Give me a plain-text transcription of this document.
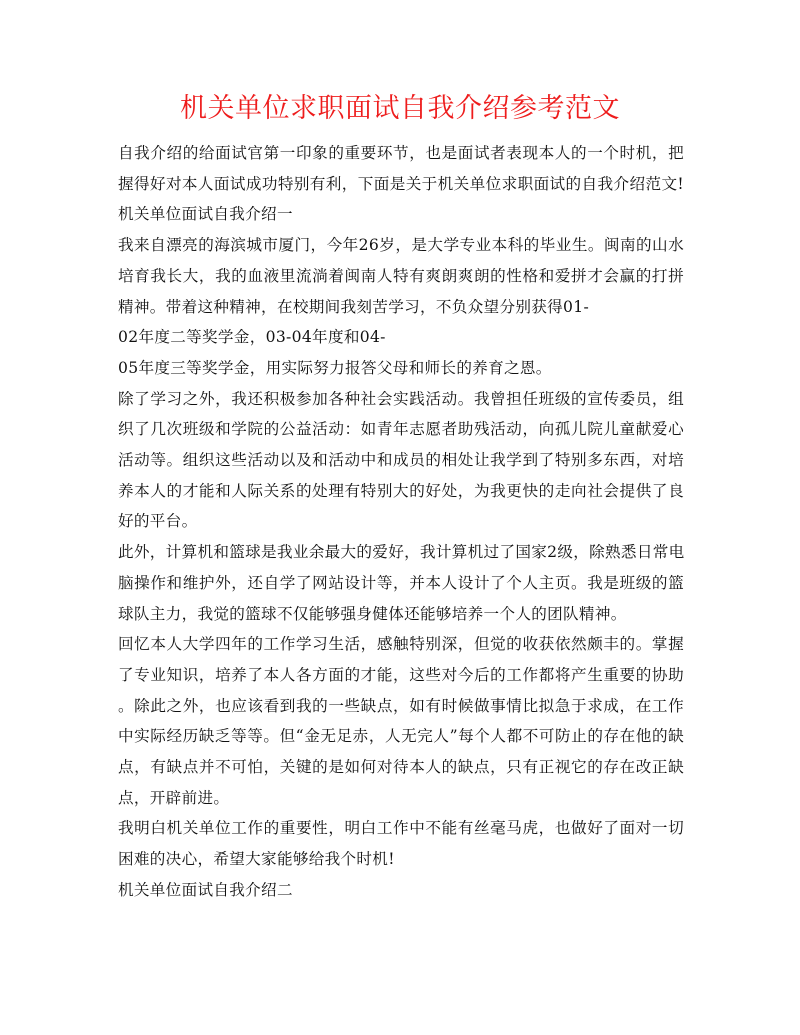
机关单位求职面试自我介绍参考范文
自我介绍的给面试官第一印象的重要环节，也是面试者表现本人的一个时机，把
握得好对本人面试成功特别有利，下面是关于机关单位求职面试的自我介绍范文!
机关单位面试自我介绍一
我来自漂亮的海滨城市厦门，今年26岁，是大学专业本科的毕业生。闽南的山水
培育我长大，我的血液里流淌着闽南人特有爽朗爽朗的性格和爱拼才会赢的打拼
精神。带着这种精神，在校期间我刻苦学习，不负众望分别获得01-
02年度二等奖学金，03-04年度和04-
05年度三等奖学金，用实际努力报答父母和师长的养育之恩。
除了学习之外，我还积极参加各种社会实践活动。我曾担任班级的宣传委员，组
织了几次班级和学院的公益活动：如青年志愿者助残活动，向孤儿院儿童献爱心
活动等。组织这些活动以及和活动中和成员的相处让我学到了特别多东西，对培
养本人的才能和人际关系的处理有特别大的好处，为我更快的走向社会提供了良
好的平台。
此外，计算机和篮球是我业余最大的爱好，我计算机过了国家2级，除熟悉日常电
脑操作和维护外，还自学了网站设计等，并本人设计了个人主页。我是班级的篮
球队主力，我觉的篮球不仅能够强身健体还能够培养一个人的团队精神。
回忆本人大学四年的工作学习生活，感触特别深，但觉的收获依然颇丰的。掌握
了专业知识，培养了本人各方面的才能，这些对今后的工作都将产生重要的协助
。除此之外，也应该看到我的一些缺点，如有时候做事情比拟急于求成，在工作
中实际经历缺乏等等。但“金无足赤，人无完人”每个人都不可防止的存在他的缺
点，有缺点并不可怕，关键的是如何对待本人的缺点，只有正视它的存在改正缺
点，开辟前进。
我明白机关单位工作的重要性，明白工作中不能有丝毫马虎，也做好了面对一切
困难的决心，希望大家能够给我个时机!
机关单位面试自我介绍二
